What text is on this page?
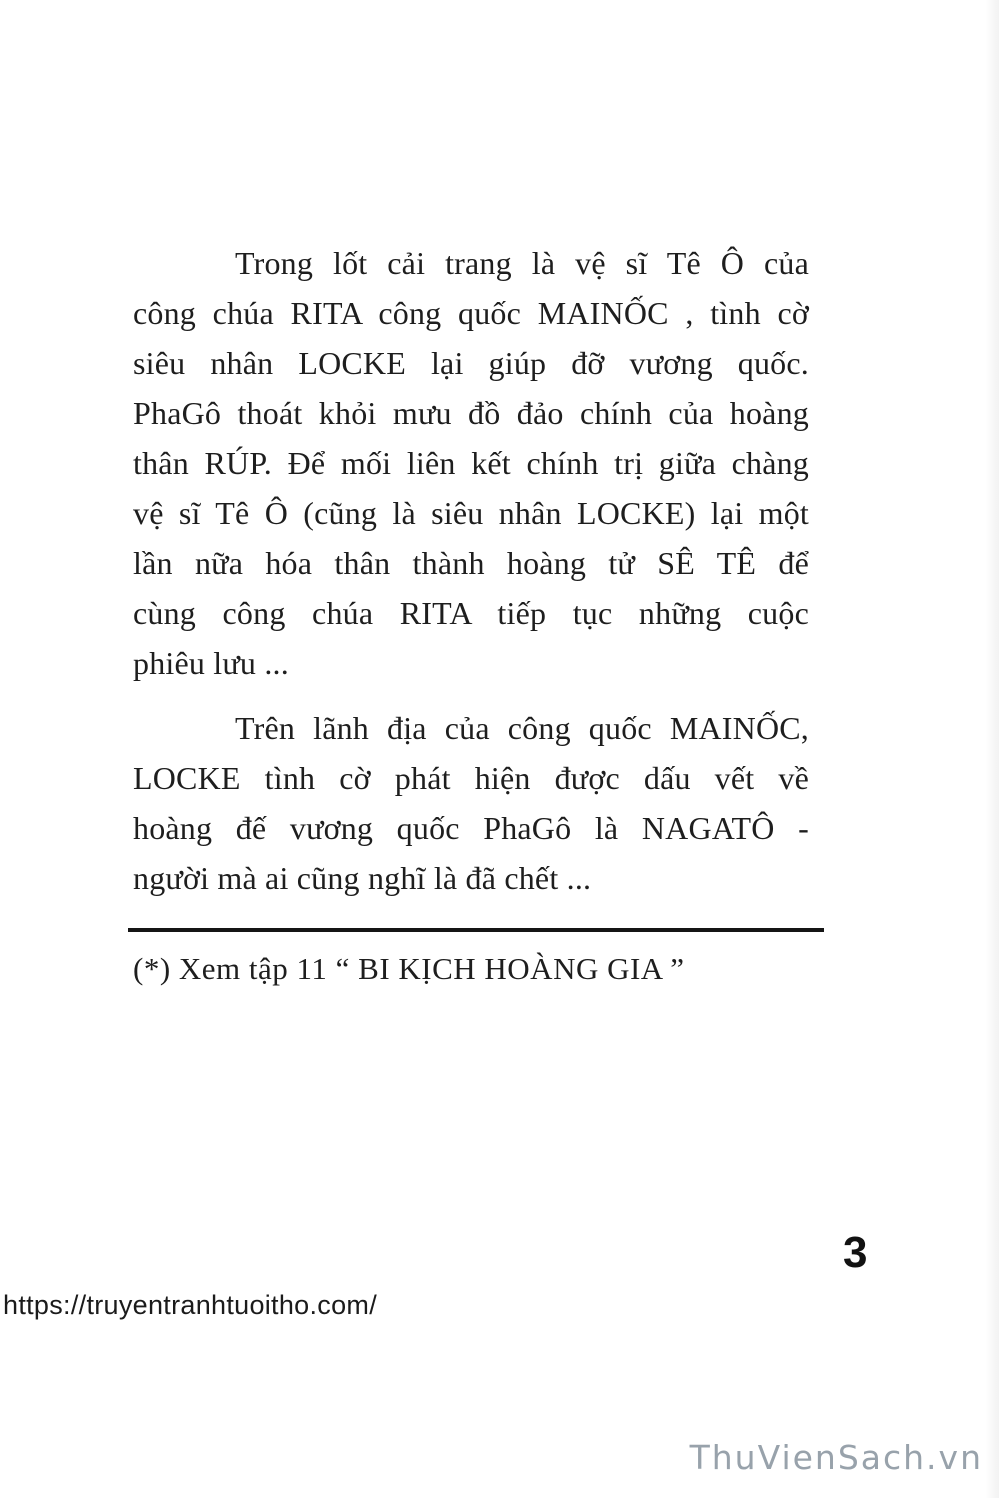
Trong lốt cải trang là vệ sĩ Tê Ô của
công chúa RITA công quốc MAINỐC , tình cờ
siêu nhân LOCKE lại giúp đỡ vương quốc.
PhaGô thoát khỏi mưu đồ đảo chính của hoàng
thân RÚP. Để mối liên kết chính trị giữa chàng
vệ sĩ Tê Ô (cũng là siêu nhân LOCKE) lại một
lần nữa hóa thân thành hoàng tử SÊ TÊ để
cùng công chúa RITA tiếp tục những cuộc
phiêu lưu ...
Trên lãnh địa của công quốc MAINỐC,
LOCKE tình cờ phát hiện được dấu vết về
hoàng đế vương quốc PhaGô là NAGATÔ -
người mà ai cũng nghĩ là đã chết ...
(*) Xem tập 11 “ BI KỊCH HOÀNG GIA ”
3
https://truyentranhtuoitho.com/
ThuVienSach.vn
